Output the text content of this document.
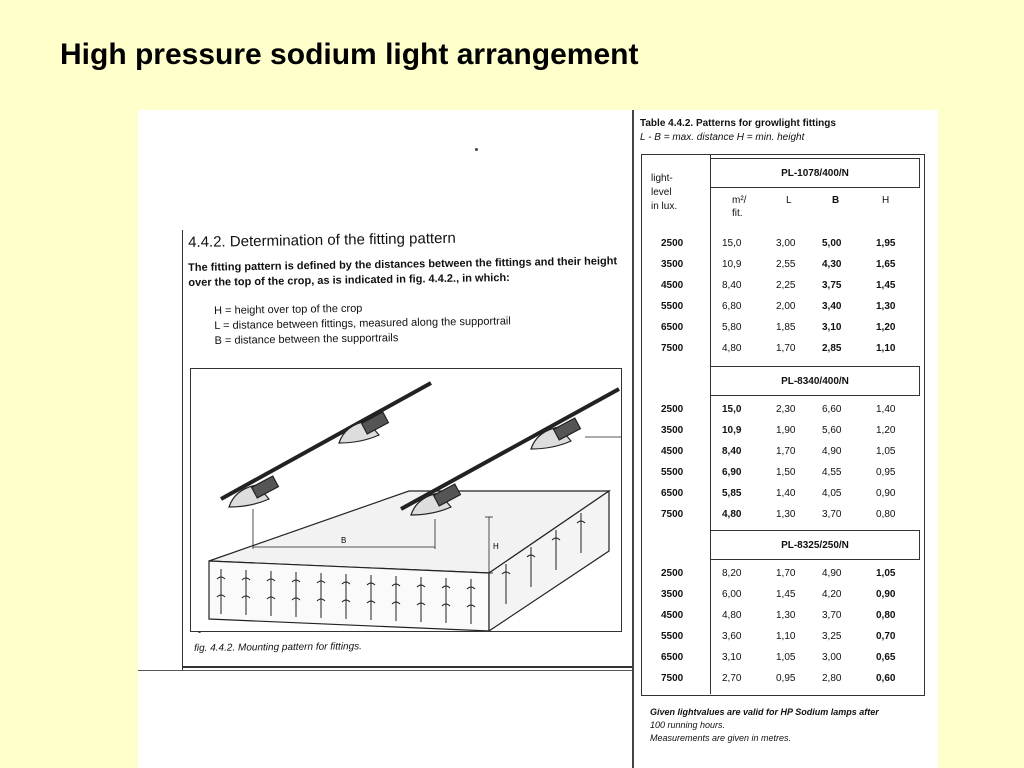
High pressure sodium light arrangement
4.4.2. Determination of the fitting pattern

The fitting pattern is defined by the distances between the fittings and their height over the top of the crop, as is indicated in fig. 4.4.2., in which:

H = height over top of the crop
L = distance between fittings, measured along the supportrail
B = distance between the supportrails
B
H

fig. 4.4.2. Mounting pattern for fittings.

Table 4.4.2. Patterns for growlight fittings

L - B = max. distance H = min. height

light-
level
in lux.
PL-1078/400/N
m²/
fit.
L	B	H
2500	15,0	3,00	5,00	1,95
3500	10,9	2,55	4,30	1,65
4500	8,40	2,25	3,75	1,45
5500	6,80	2,00	3,40	1,30
6500	5,80	1,85	3,10	1,20
7500	4,80	1,70	2,85	1,10
PL-8340/400/N
2500	15,0	2,30	6,60	1,40
3500	10,9	1,90	5,60	1,20
4500	8,40	1,70	4,90	1,05
5500	6,90	1,50	4,55	0,95
6500	5,85	1,40	4,05	0,90
7500	4,80	1,30	3,70	0,80
PL-8325/250/N
2500	8,20	1,70	4,90	1,05
3500	6,00	1,45	4,20	0,90
4500	4,80	1,30	3,70	0,80
5500	3,60	1,10	3,25	0,70
6500	3,10	1,05	3,00	0,65
7500	2,70	0,95	2,80	0,60
Given lightvalues are valid for HP Sodium lamps after
100 running hours.
Measurements are given in metres.
